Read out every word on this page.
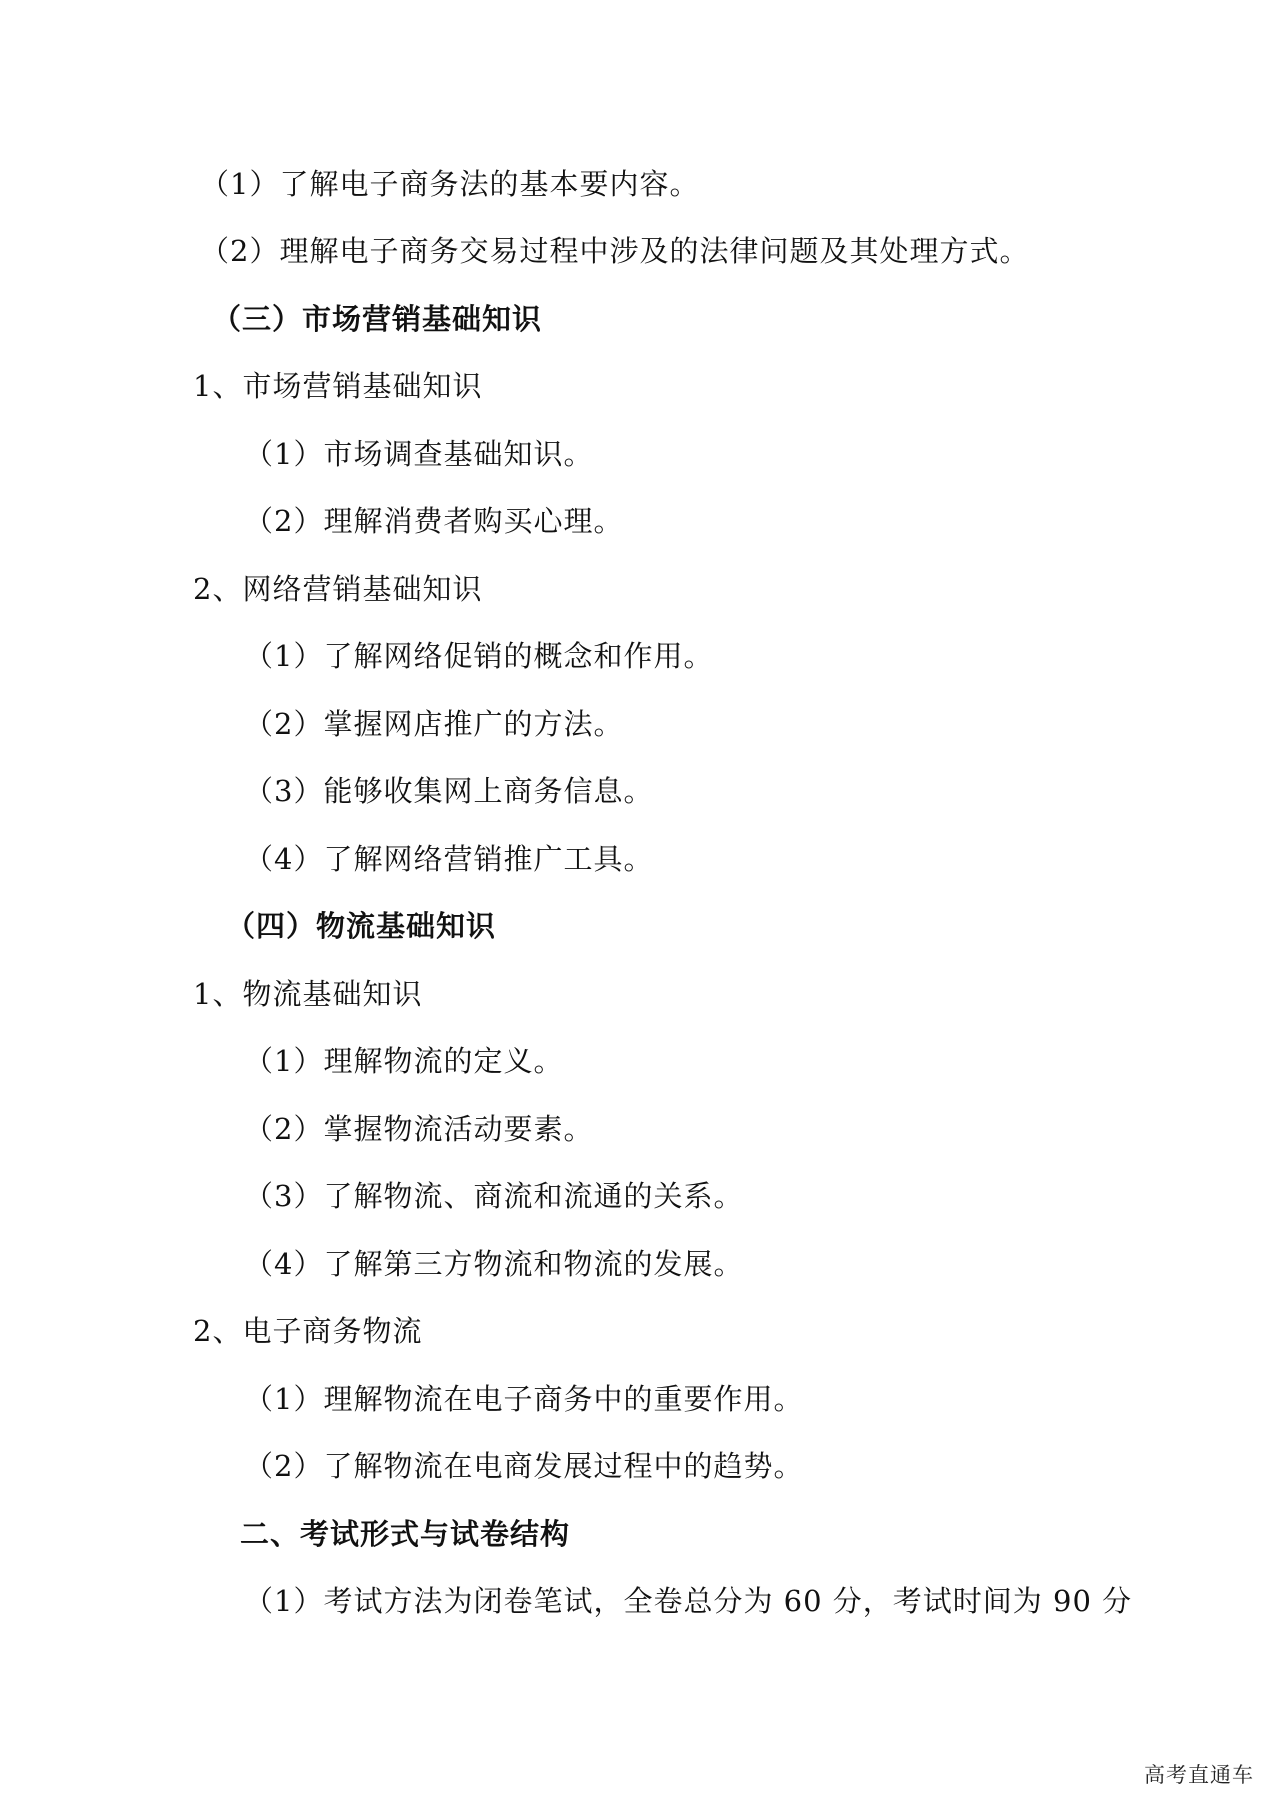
（1）了解电子商务法的基本要内容。
（2）理解电子商务交易过程中涉及的法律问题及其处理方式。
（三）市场营销基础知识
1、市场营销基础知识
（1）市场调查基础知识。
（2）理解消费者购买心理。
2、网络营销基础知识
（1）了解网络促销的概念和作用。
（2）掌握网店推广的方法。
（3）能够收集网上商务信息。
（4）了解网络营销推广工具。
（四）物流基础知识
1、物流基础知识
（1）理解物流的定义。
（2）掌握物流活动要素。
（3）了解物流、商流和流通的关系。
（4）了解第三方物流和物流的发展。
2、电子商务物流
（1）理解物流在电子商务中的重要作用。
（2）了解物流在电商发展过程中的趋势。
二、考试形式与试卷结构
（1）考试方法为闭卷笔试，全卷总分为 60 分，考试时间为 90 分
高考直通车
